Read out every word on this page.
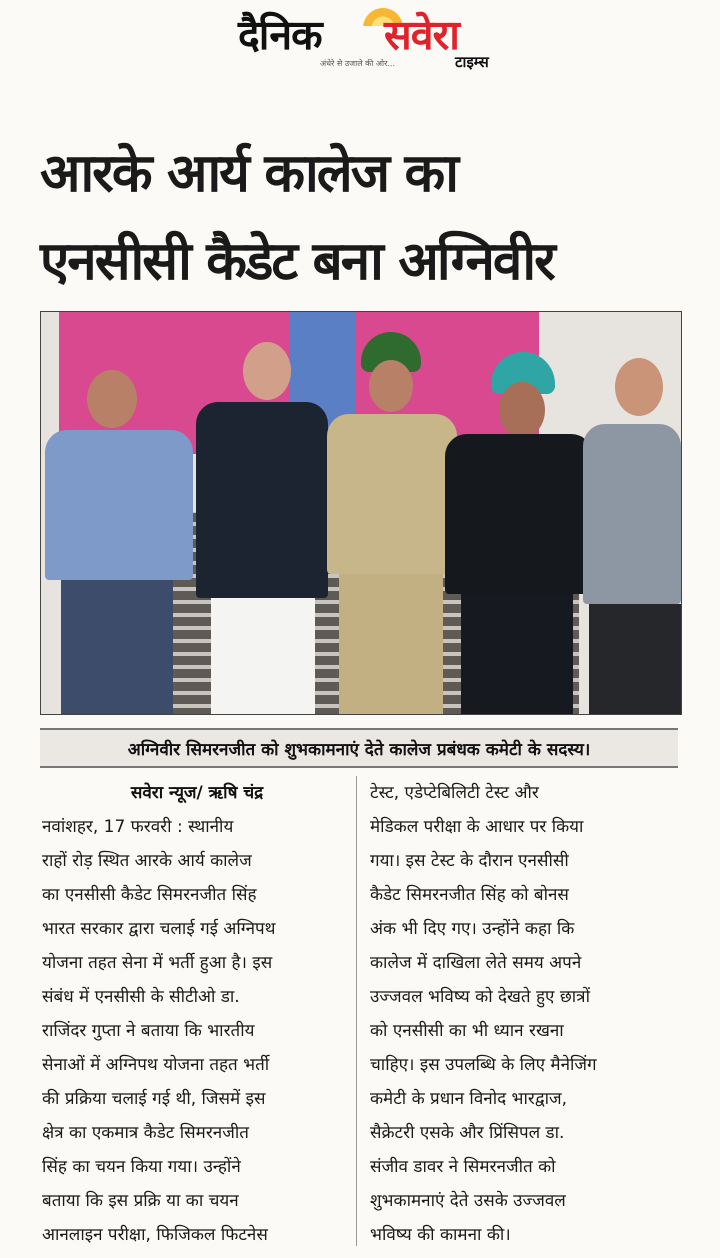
दैनिक सवेरा
अंधेरे से उजाले की ओर...	टाइम्स
आरके आर्य कालेज का
एनसीसी कैडेट बना अग्निवीर
अग्निवीर सिमरनजीत को शुभकामनाएं देते कालेज प्रबंधक कमेटी के सदस्य।
सवेरा न्यूज/ ऋषि चंद्र
नवांशहर, 17 फरवरी : स्थानीय
राहों रोड़ स्थित आरके आर्य कालेज
का एनसीसी कैडेट सिमरनजीत सिंह
भारत सरकार द्वारा चलाई गई अग्निपथ
योजना तहत सेना में भर्ती हुआ है। इस
संबंध में एनसीसी के सीटीओ डा.
राजिंदर गुप्ता ने बताया कि भारतीय
सेनाओं में अग्निपथ योजना तहत भर्ती
की प्रक्रिया चलाई गई थी, जिसमें इस
क्षेत्र का एकमात्र कैडेट सिमरनजीत
सिंह का चयन किया गया। उन्होंने
बताया कि इस प्रक्रि या का चयन
आनलाइन परीक्षा, फिजिकल फिटनेस
टेस्ट, एडेप्टेबिलिटी टेस्ट और
मेडिकल परीक्षा के आधार पर किया
गया। इस टेस्ट के दौरान एनसीसी
कैडेट सिमरनजीत सिंह को बोनस
अंक भी दिए गए। उन्होंने कहा कि
कालेज में दाखिला लेते समय अपने
उज्जवल भविष्य को देखते हुए छात्रों
को एनसीसी का भी ध्यान रखना
चाहिए। इस उपलब्धि के लिए मैनेजिंग
कमेटी के प्रधान विनोद भारद्वाज,
सैक्रेटरी एसके और प्रिंसिपल डा.
संजीव डावर ने सिमरनजीत को
शुभकामनाएं देते उसके उज्जवल
भविष्य की कामना की।
